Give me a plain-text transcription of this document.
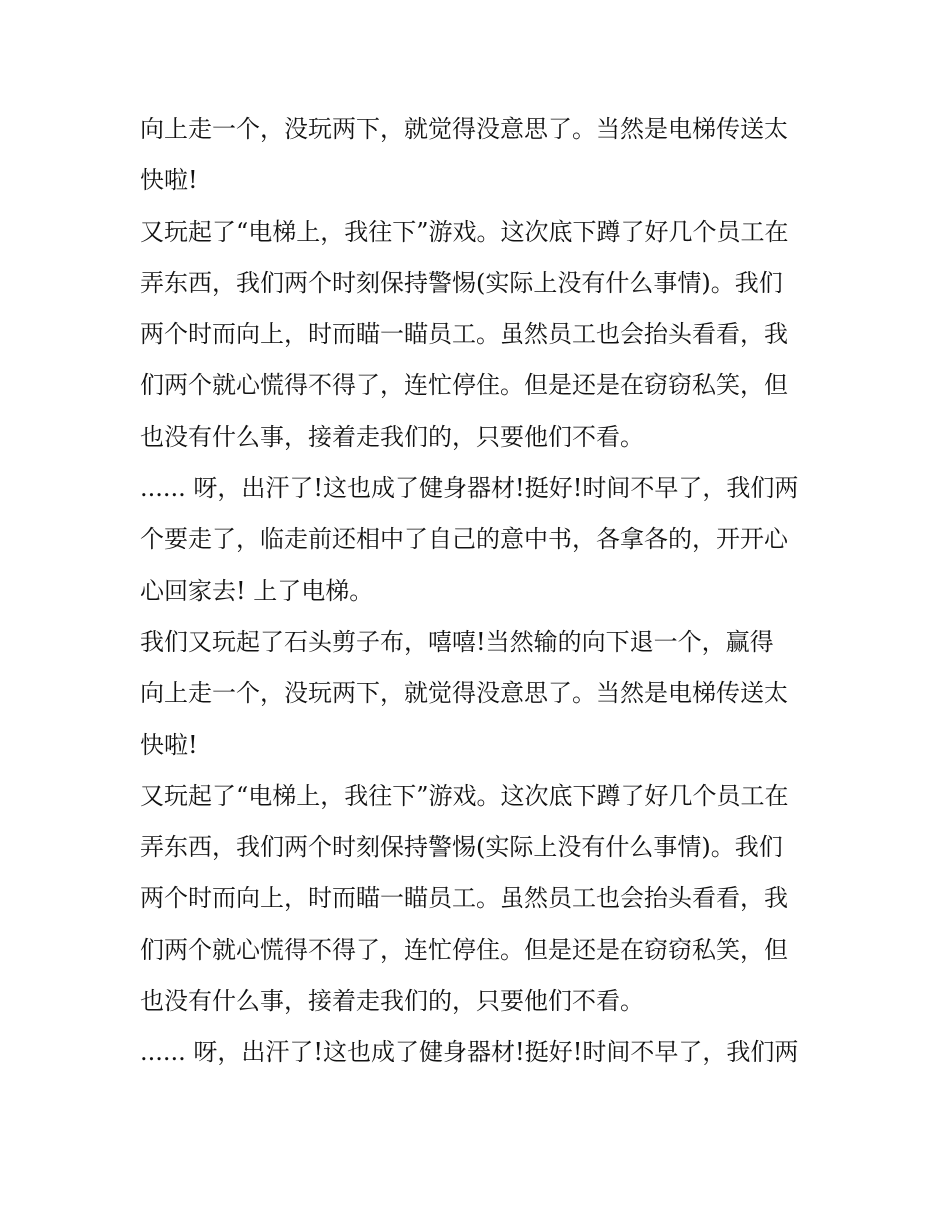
向上走一个，没玩两下，就觉得没意思了。当然是电梯传送太
快啦!
又玩起了“电梯上，我往下”游戏。这次底下蹲了好几个员工在
弄东西，我们两个时刻保持警惕(实际上没有什么事情)。我们
两个时而向上，时而瞄一瞄员工。虽然员工也会抬头看看，我
们两个就心慌得不得了，连忙停住。但是还是在窃窃私笑，但
也没有什么事，接着走我们的，只要他们不看。
...... 呀，出汗了!这也成了健身器材!挺好!时间不早了，我们两
个要走了，临走前还相中了自己的意中书，各拿各的，开开心
心回家去! 上了电梯。
我们又玩起了石头剪子布，嘻嘻!当然输的向下退一个，赢得
向上走一个，没玩两下，就觉得没意思了。当然是电梯传送太
快啦!
又玩起了“电梯上，我往下”游戏。这次底下蹲了好几个员工在
弄东西，我们两个时刻保持警惕(实际上没有什么事情)。我们
两个时而向上，时而瞄一瞄员工。虽然员工也会抬头看看，我
们两个就心慌得不得了，连忙停住。但是还是在窃窃私笑，但
也没有什么事，接着走我们的，只要他们不看。
...... 呀，出汗了!这也成了健身器材!挺好!时间不早了，我们两
